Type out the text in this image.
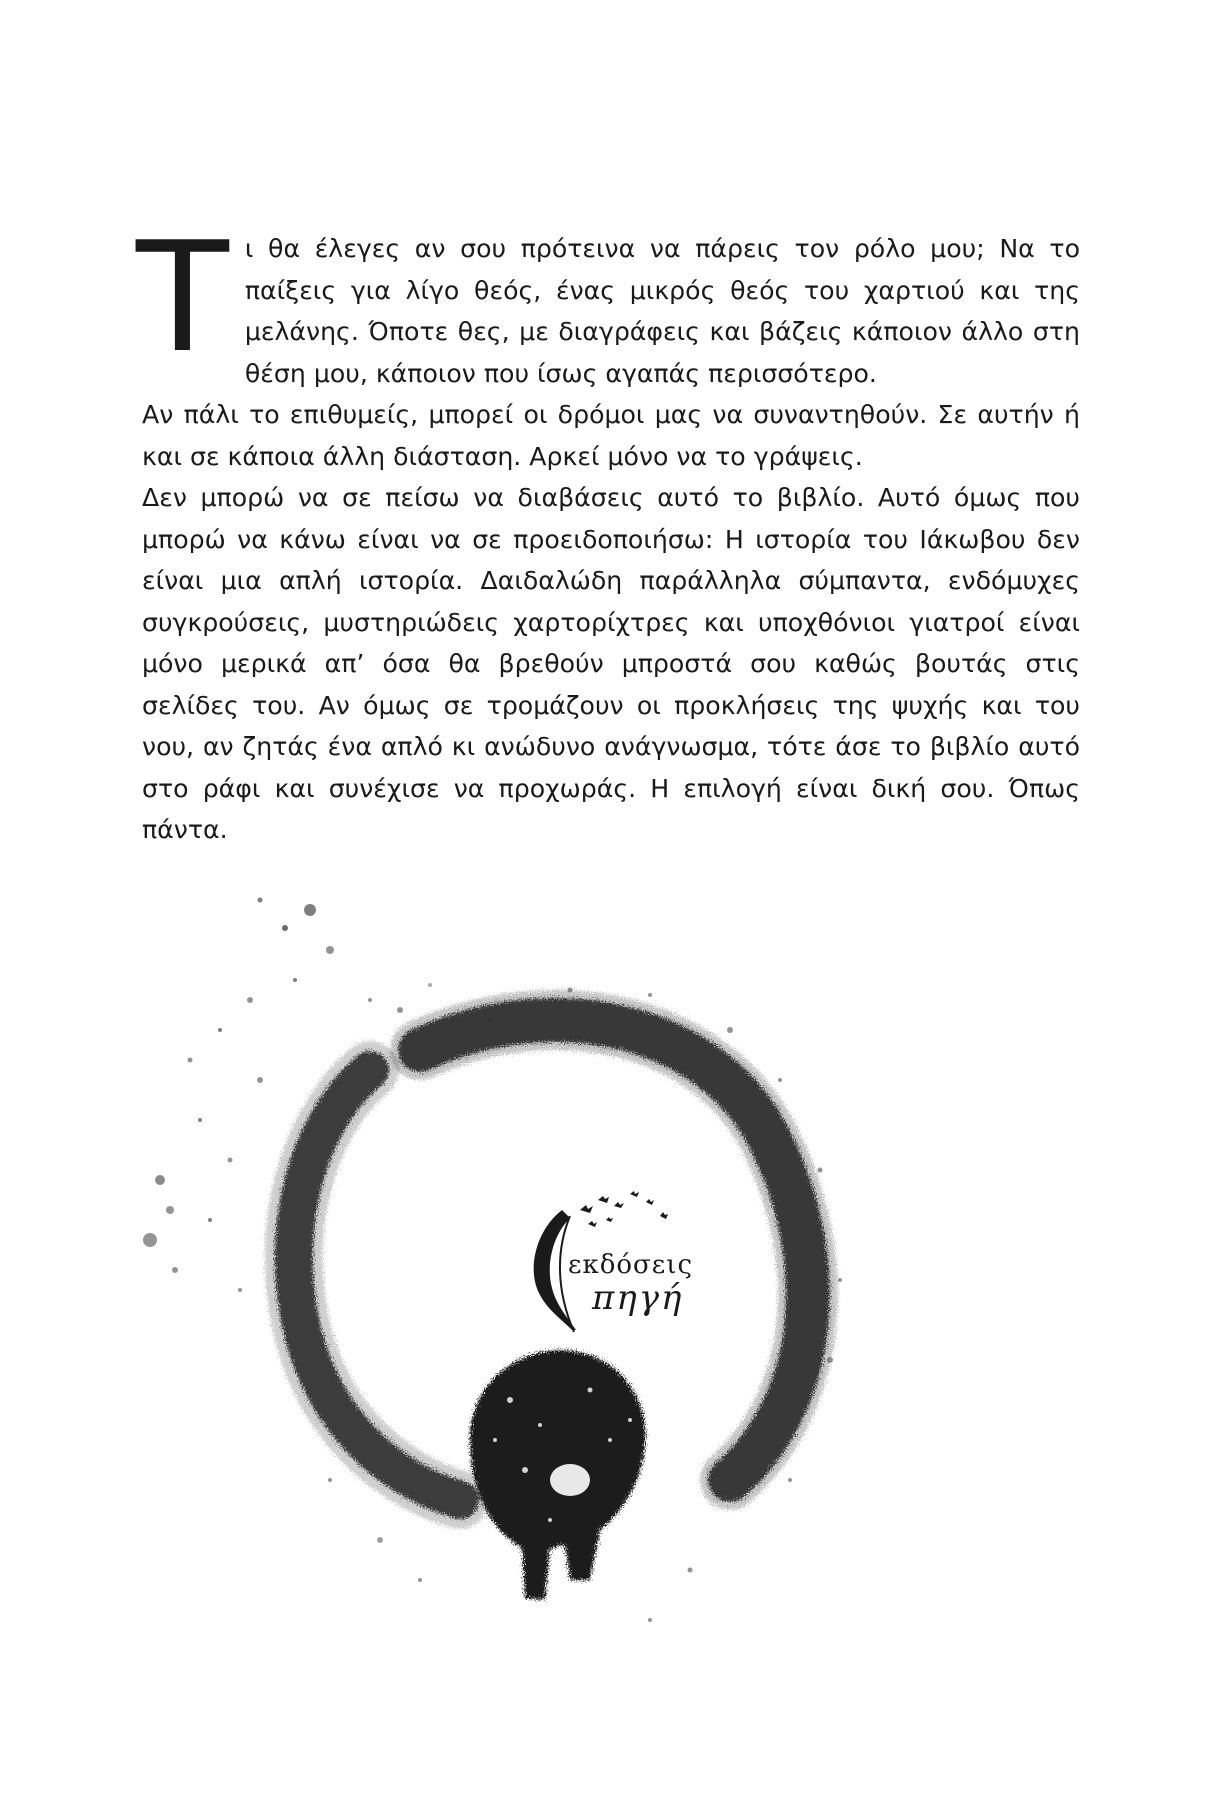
Τι θα έλεγες αν σου πρότεινα να πάρεις τον ρόλο μου; Να το παίξεις για λίγο θεός, ένας μικρός θεός του χαρτιού και της μελάνης. Όποτε θες, με διαγράφεις και βάζεις κάποιον άλλο στη θέση μου, κάποιον που ίσως αγαπάς περισσότερο.

Αν πάλι το επιθυμείς, μπορεί οι δρόμοι μας να συναντηθούν. Σε αυτήν ή και σε κάποια άλλη διάσταση. Αρκεί μόνο να το γράψεις.

Δεν μπορώ να σε πείσω να διαβάσεις αυτό το βιβλίο. Αυτό όμως που μπορώ να κάνω είναι να σε προειδοποιήσω: Η ιστορία του Ιάκωβου δεν είναι μια απλή ιστορία. Δαιδαλώδη παράλληλα σύμπαντα, ενδόμυχες συγκρούσεις, μυστηριώδεις χαρτορίχτρες και υποχθόνιοι γιατροί είναι μόνο μερικά απ’ όσα θα βρεθούν μπροστά σου καθώς βουτάς στις σελίδες του. Αν όμως σε τρομάζουν οι προκλήσεις της ψυχής και του νου, αν ζητάς ένα απλό κι ανώδυνο ανάγνωσμα, τότε άσε το βιβλίο αυτό στο ράφι και συνέχισε να προχωράς. Η επιλογή είναι δική σου. Όπως πάντα.

εκδόσεις
πηγή
